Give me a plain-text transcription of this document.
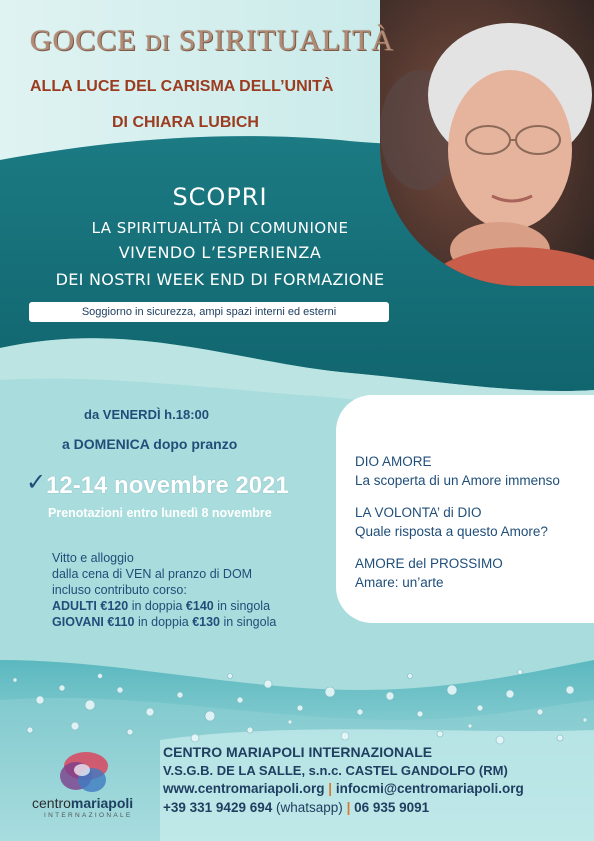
GOCCE DI SPIRITUALITÀ
ALLA LUCE DEL CARISMA DELL’UNITÀ
DI CHIARA LUBICH
SCOPRI
LA SPIRITUALITÀ DI COMUNIONE
VIVENDO L’ESPERIENZA
DEI NOSTRI WEEK END DI FORMAZIONE
Soggiorno in sicurezza, ampi spazi interni ed esterni
da VENERDÌ h.18:00
a DOMENICA dopo pranzo
✓ 12-14 novembre 2021
Prenotazioni entro lunedì 8 novembre
Vitto e alloggio
dalla cena di VEN al pranzo di DOM
incluso contributo corso:
ADULTI €120 in doppia €140 in singola
GIOVANI €110 in doppia €130 in singola
DIO AMORE
La scoperta di un Amore immenso
LA VOLONTA’ di DIO
Quale risposta a questo Amore?
AMORE del PROSSIMO
Amare: un’arte
centromariapoli
INTERNAZIONALE
CENTRO MARIAPOLI INTERNAZIONALE
V.S.G.B. DE LA SALLE, s.n.c. CASTEL GANDOLFO (RM)
www.centromariapoli.org | infocmi@centromariapoli.org
+39 331 9429 694 (whatsapp) | 06 935 9091
